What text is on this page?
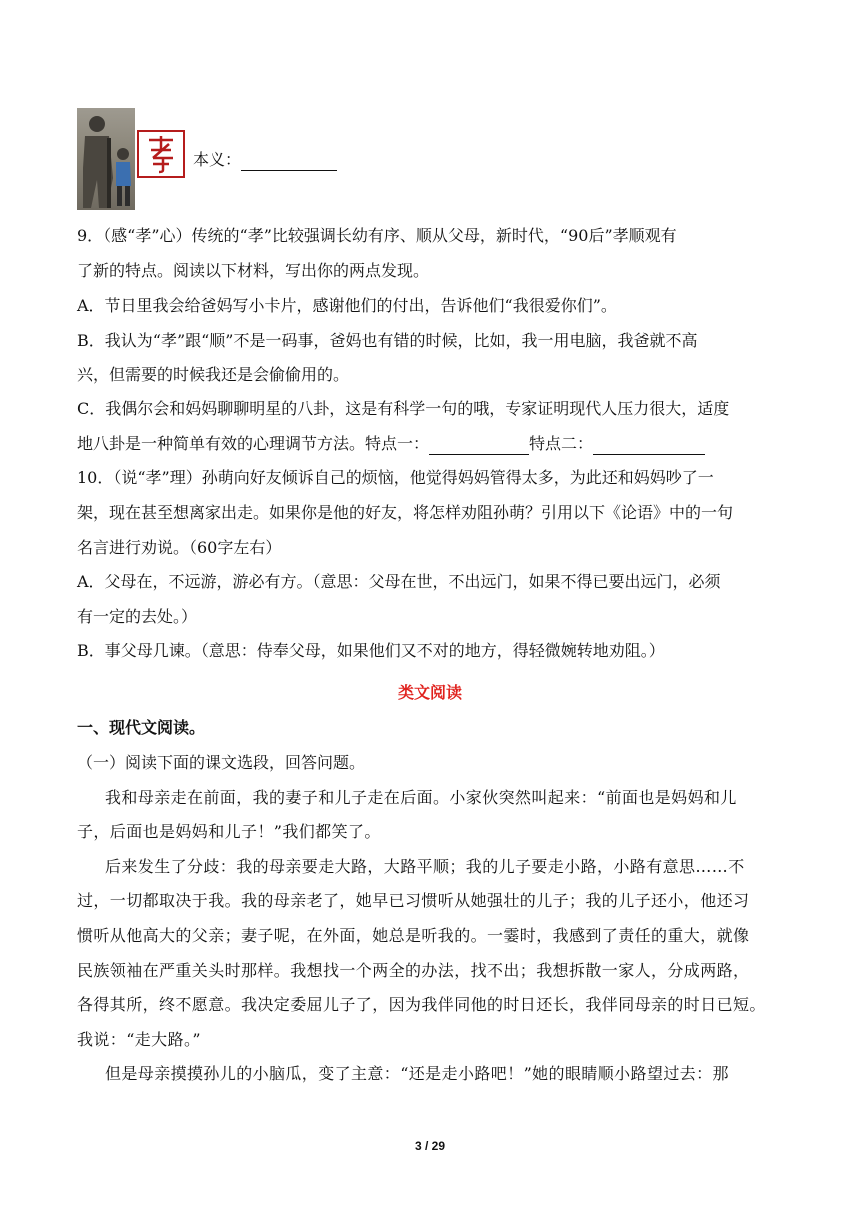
本义：
9．（感“孝”心）传统的“孝”比较强调长幼有序、顺从父母，新时代，“90后”孝顺观有
了新的特点。阅读以下材料，写出你的两点发现。
A．节日里我会给爸妈写小卡片，感谢他们的付出，告诉他们“我很爱你们”。
B．我认为“孝”跟“顺”不是一码事，爸妈也有错的时候，比如，我一用电脑，我爸就不高
兴，但需要的时候我还是会偷偷用的。
C．我偶尔会和妈妈聊聊明星的八卦，这是有科学一句的哦，专家证明现代人压力很大，适度
地八卦是一种简单有效的心理调节方法。特点一：	特点二：
10．（说“孝”理）孙萌向好友倾诉自己的烦恼，他觉得妈妈管得太多，为此还和妈妈吵了一
架，现在甚至想离家出走。如果你是他的好友，将怎样劝阻孙萌？引用以下《论语》中的一句
名言进行劝说。（60字左右）
A．父母在，不远游，游必有方。（意思：父母在世，不出远门，如果不得已要出远门，必须
有一定的去处。）
B．事父母几谏。（意思：侍奉父母，如果他们又不对的地方，得轻微婉转地劝阻。）
类文阅读
一、现代文阅读。
（一）阅读下面的课文选段，回答问题。
我和母亲走在前面，我的妻子和儿子走在后面。小家伙突然叫起来：“前面也是妈妈和儿
子，后面也是妈妈和儿子！”我们都笑了。
后来发生了分歧：我的母亲要走大路，大路平顺；我的儿子要走小路，小路有意思……不
过，一切都取决于我。我的母亲老了，她早已习惯听从她强壮的儿子；我的儿子还小，他还习
惯听从他高大的父亲；妻子呢，在外面，她总是听我的。一霎时，我感到了责任的重大，就像
民族领袖在严重关头时那样。我想找一个两全的办法，找不出；我想拆散一家人，分成两路，
各得其所，终不愿意。我决定委屈儿子了，因为我伴同他的时日还长，我伴同母亲的时日已短。
我说：“走大路。”
但是母亲摸摸孙儿的小脑瓜，变了主意：“还是走小路吧！”她的眼睛顺小路望过去：那
3 / 29
